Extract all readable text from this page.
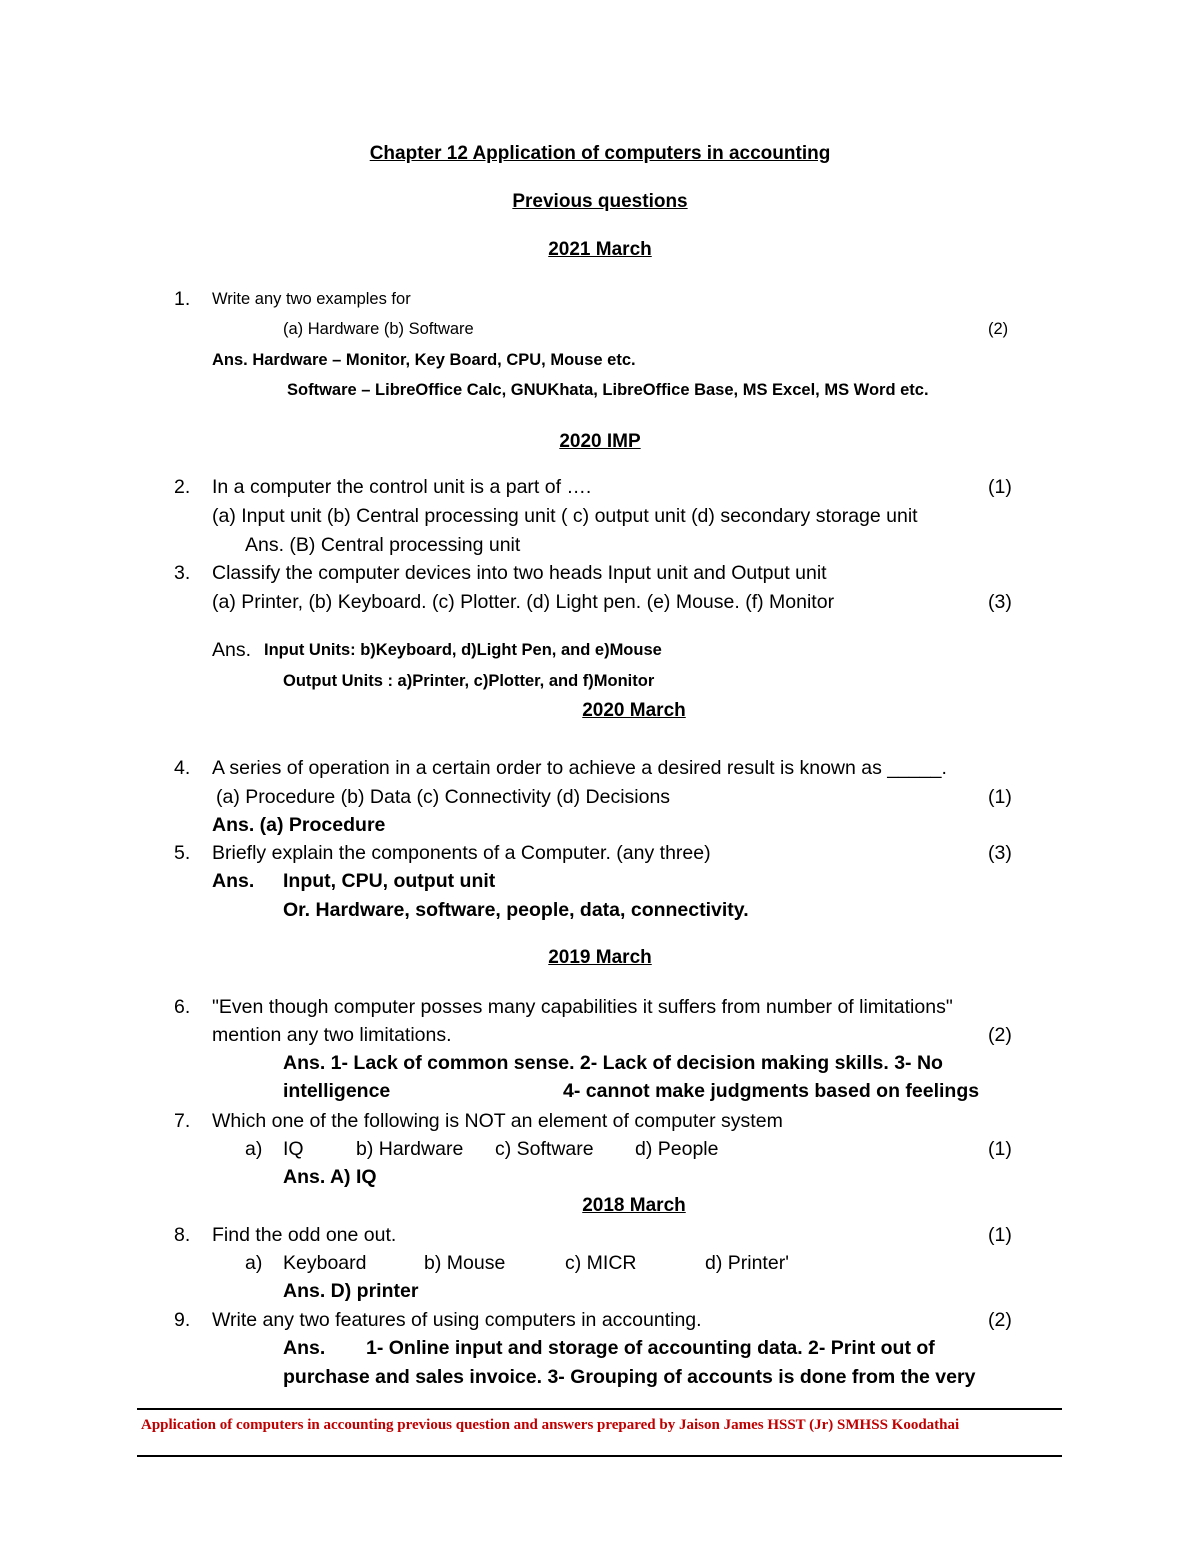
Chapter 12 Application of computers in accounting
Previous questions
2021 March
1. Write any two examples for
(a) Hardware (b) Software	(2)
Ans. Hardware – Monitor, Key Board, CPU, Mouse etc.
Software – LibreOffice Calc, GNUKhata, LibreOffice Base, MS Excel, MS Word etc.
2020 IMP
2. In a computer the control unit is a part of ….	(1)
(a) Input unit (b) Central processing unit ( c) output unit (d) secondary storage unit
Ans. (B) Central processing unit
3. Classify the computer devices into two heads Input unit and Output unit
(a) Printer, (b) Keyboard. (c) Plotter. (d) Light pen. (e) Mouse. (f) Monitor	(3)
Ans. Input Units: b)Keyboard, d)Light Pen, and e)Mouse
Output Units : a)Printer, c)Plotter, and f)Monitor
2020 March
4. A series of operation in a certain order to achieve a desired result is known as _____.
(a) Procedure (b) Data (c) Connectivity (d) Decisions	(1)
Ans. (a) Procedure
5. Briefly explain the components of a Computer. (any three)	(3)
Ans. Input, CPU, output unit
Or. Hardware, software, people, data, connectivity.
2019 March
6. "Even though computer posses many capabilities it suffers from number of limitations"
mention any two limitations.	(2)
Ans. 1- Lack of common sense. 2- Lack of decision making skills. 3- No
intelligence	4- cannot make judgments based on feelings
7. Which one of the following is NOT an element of computer system
a) IQ	b) Hardware c) Software d) People	(1)
Ans. A) IQ
2018 March
8. Find the odd one out.	(1)
a) Keyboard	b) Mouse	c) MICR	d) Printer'
Ans. D) printer
9. Write any two features of using computers in accounting.	(2)
Ans. 1- Online input and storage of accounting data. 2- Print out of
purchase and sales invoice. 3- Grouping of accounts is done from the very
Application of computers in accounting previous question and answers prepared by Jaison James HSST (Jr) SMHSS Koodathai
